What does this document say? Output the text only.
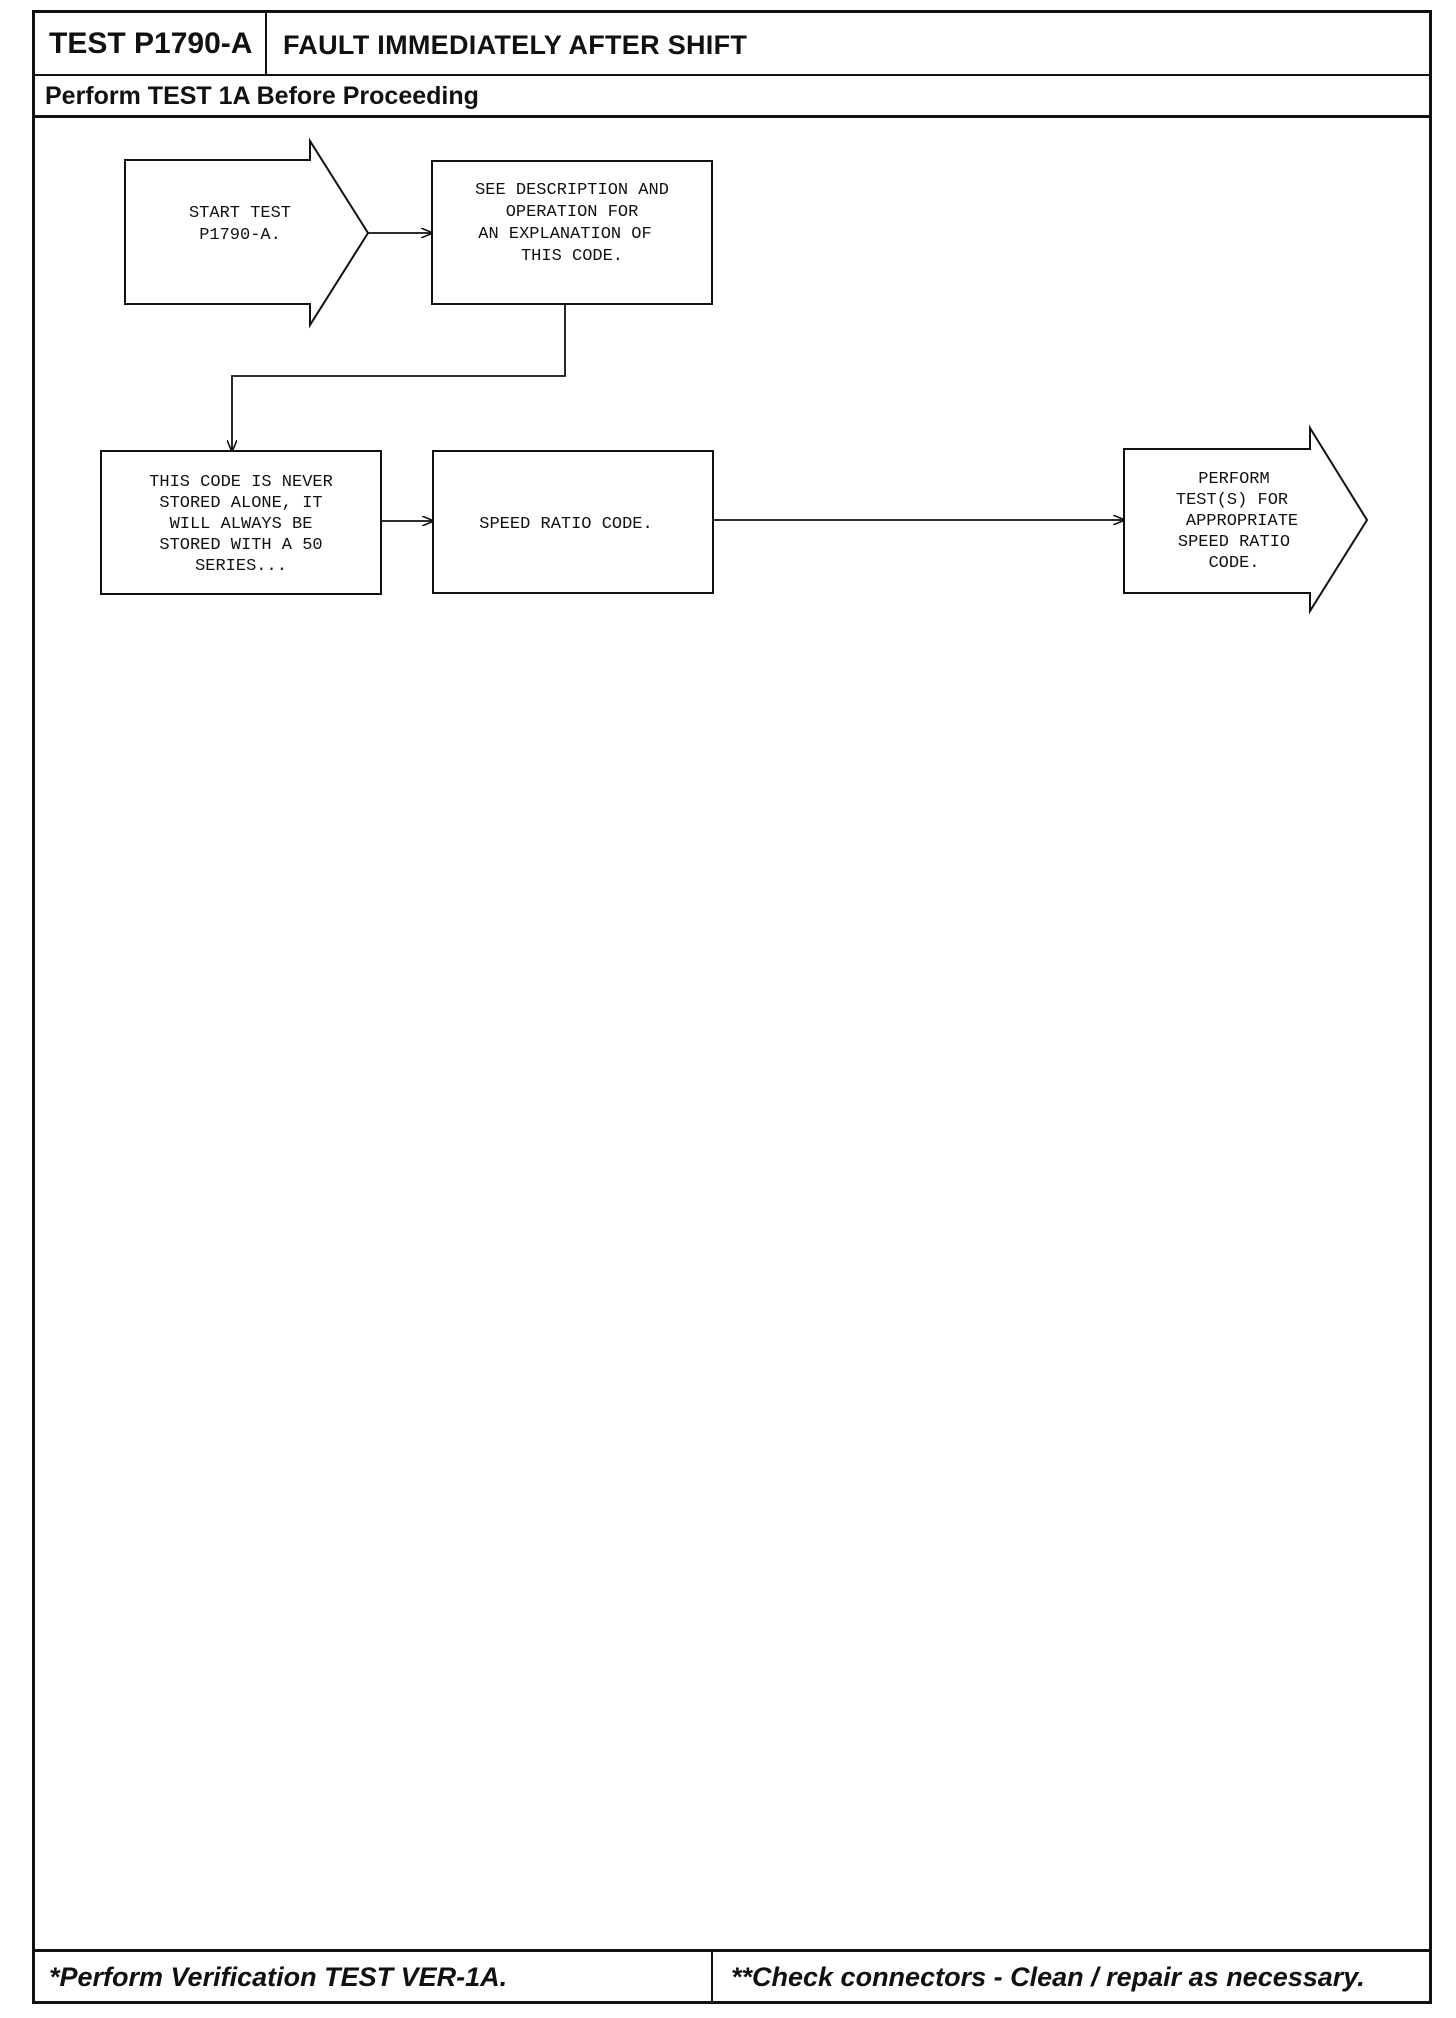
TEST P1790-A	FAULT IMMEDIATELY AFTER SHIFT
Perform TEST 1A Before Proceeding
*Perform Verification TEST VER-1A.	**Check connectors - Clean / repair as necessary.
START TEST
P1790-A.
SEE DESCRIPTION AND
OPERATION FOR
AN EXPLANATION OF
THIS CODE.
THIS CODE IS NEVER
STORED ALONE, IT
WILL ALWAYS BE
STORED WITH A 50
SERIES...
SPEED RATIO CODE.
PERFORM
TEST(S) FOR
APPROPRIATE
SPEED RATIO
CODE.
